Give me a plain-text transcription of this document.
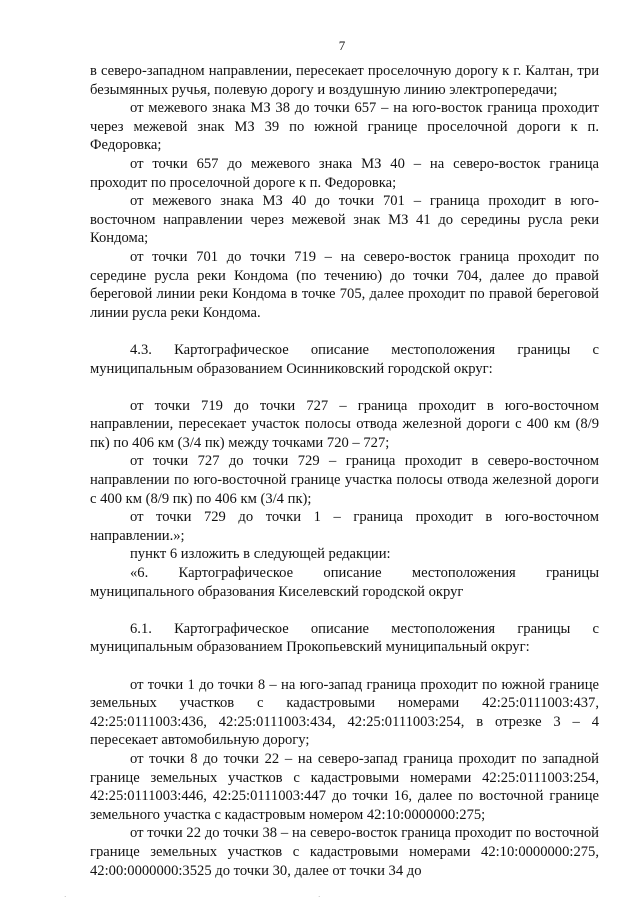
7

в северо-западном направлении, пересекает проселочную дорогу к г. Калтан, три безымянных ручья, полевую дорогу и воздушную линию электропередачи;

от межевого знака МЗ 38 до точки 657 – на юго-восток граница проходит через межевой знак МЗ 39 по южной границе проселочной дороги к п. Федоровка;

от точки 657 до межевого знака МЗ 40 – на северо-восток граница проходит по проселочной дороге к п. Федоровка;

от межевого знака МЗ 40 до точки 701 – граница проходит в юго-восточном направлении через межевой знак МЗ 41 до середины русла реки Кондома;

от точки 701 до точки 719 – на северо-восток граница проходит по середине русла реки Кондома (по течению) до точки 704, далее до правой береговой линии реки Кондома в точке 705, далее проходит по правой береговой линии русла реки Кондома.

4.3. Картографическое описание местоположения границы с муниципальным образованием Осинниковский городской округ:

от точки 719 до точки 727 – граница проходит в юго-восточном направлении, пересекает участок полосы отвода железной дороги с 400 км (8/9 пк) по 406 км (3/4 пк) между точками 720 – 727;

от точки 727 до точки 729 – граница проходит в северо-восточном направлении по юго-восточной границе участка полосы отвода железной дороги с 400 км (8/9 пк) по 406 км (3/4 пк);

от точки 729 до точки 1 – граница проходит в юго-восточном направлении.»;

пункт 6 изложить в следующей редакции:

«6. Картографическое описание местоположения границы муниципального образования Киселевский городской округ

6.1. Картографическое описание местоположения границы с муниципальным образованием Прокопьевский муниципальный округ:

от точки 1 до точки 8 – на юго-запад граница проходит по южной границе земельных участков с кадастровыми номерами 42:25:0111003:437, 42:25:0111003:436, 42:25:0111003:434, 42:25:0111003:254, в отрезке 3 – 4 пересекает автомобильную дорогу;

от точки 8 до точки 22 – на северо-запад граница проходит по западной границе земельных участков с кадастровыми номерами 42:25:0111003:254, 42:25:0111003:446, 42:25:0111003:447 до точки 16, далее по восточной границе земельного участка с кадастровым номером 42:10:0000000:275;

от точки 22 до точки 38 – на северо-восток граница проходит по восточной границе земельных участков с кадастровыми номерами 42:10:0000000:275, 42:00:0000000:3525 до точки 30, далее от точки 34 до

·	·
